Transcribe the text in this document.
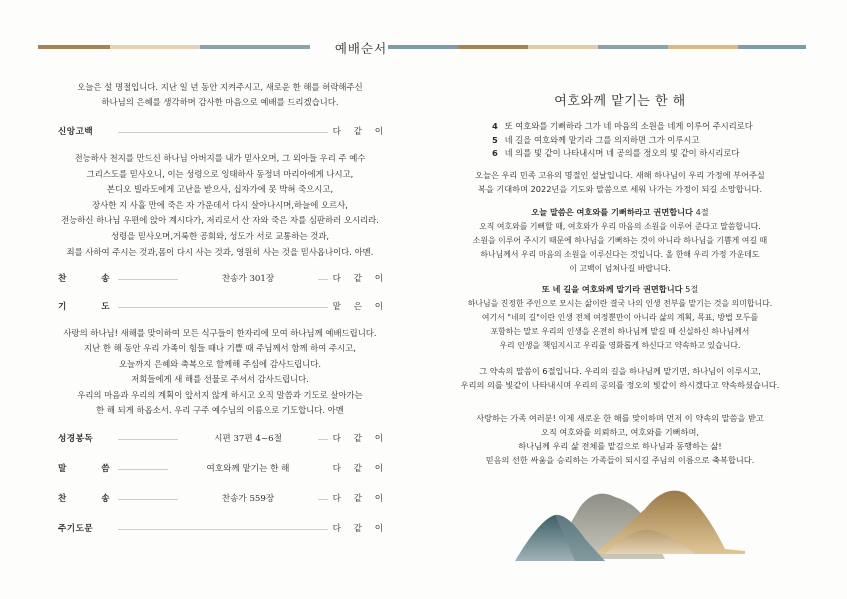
예배순서
오늘은 설 명절입니다. 지난 일 년 동안 지켜주시고, 새로운 한 해를 허락해주신
하나님의 은혜를 생각하며 감사한 마음으로 예배를 드리겠습니다.
신앙고백	다 같 이
전능하사 천지를 만드신 하나님 아버지를 내가 믿사오며, 그 외아들 우리 주 예수
그리스도를 믿사오니, 이는 성령으로 잉태하사 동정녀 마리아에게 나시고,
본디오 빌라도에게 고난을 받으사, 십자가에 못 박혀 죽으시고,
장사한 지 사흘 만에 죽은 자 가운데서 다시 살아나시며,하늘에 오르사,
전능하신 하나님 우편에 앉아 계시다가, 저리로서 산 자와 죽은 자를 심판하러 오시리라.
성령을 믿사오며,거룩한 공회와, 성도가 서로 교통하는 것과,
죄를 사하여 주시는 것과,몸이 다시 사는 것과, 영원히 사는 것을 믿사옵나이다. 아멘.
찬 송	찬송가 301장	다 같 이
기 도	맡 은 이
사랑의 하나님! 새해를 맞이하여 모든 식구들이 한자리에 모여 하나님께 예배드립니다.
지난 한 해 동안 우리 가족이 힘들 때나 기쁠 때 주님께서 함께 하여 주시고,
오늘까지 은혜와 축복으로 함께해 주심에 감사드립니다.
저희들에게 새 해를 선물로 주셔서 감사드립니다.
우리의 마음과 우리의 계획이 앞서지 않게 하시고 오직 말씀과 기도로 살아가는
한 해 되게 하옵소서. 우리 구주 예수님의 이름으로 기도합니다. 아멘
성경봉독	시편 37편 4~6절	다 같 이
말 씀	여호와께 맡기는 한 해	다 같 이
찬 송	찬송가 559장	다 같 이
주기도문	다 같 이
여호와께 맡기는 한 해
4 또 여호와를 기뻐하라 그가 네 마음의 소원을 네게 이루어 주시리로다
5 네 길을 여호와께 맡기라 그를 의지하면 그가 이루시고
6 네 의를 빛 같이 나타내시며 네 공의를 정오의 빛 같이 하시리로다
오늘은 우리 민족 고유의 명절인 설날입니다. 새해 하나님이 우리 가정에 부어주실
복을 기대하며 2022년을 기도와 말씀으로 세워 나가는 가정이 되길 소망합니다.
오늘 말씀은 여호와를 기뻐하라고 권면합니다 4절
오직 여호와를 기뻐할 때, 여호와가 우리 마음의 소원을 이루어 준다고 말씀합니다.
소원을 이루어 주시기 때문에 하나님을 기뻐하는 것이 아니라 하나님을 기쁨게 여길 때
하나님께서 우리 마음의 소원을 이루신다는 것입니다. 올 한해 우리 가정 가운데도
이 고백이 넘쳐나길 바랍니다.
또 네 길을 여호와께 맡기라 권면합니다 5절
하나님을 진정한 주인으로 모시는 삶이란 결국 나의 인생 전부를 맡기는 것을 의미합니다.
여기서 "네의 길"이란 인생 전체 여정뿐만이 아니라 삶의 계획, 목표, 방법 모두를
포함하는 말로 우리의 인생을 온전히 하나님께 맡길 때 신실하신 하나님께서
우리 인생을 책임지시고 우리를 영화롭게 하신다고 약속하고 있습니다.
그 약속의 말씀이 6절입니다. 우리의 길을 하나님께 맡기면, 하나님이 이루시고,
우리의 의를 빛같이 나타내시며 우리의 공의를 정오의 빛같이 하시겠다고 약속하셨습니다.
사랑하는 가족 여러분! 이제 새로운 한 해를 맞이하며 먼저 이 약속의 말씀을 받고
오직 여호와를 의뢰하고, 여호와를 기뻐하며,
하나님께 우리 삶 전체를 맡김으로 하나님과 동행하는 삶!
믿음의 선한 싸움을 승리하는 가족들이 되시길 주님의 이름으로 축복합니다.
